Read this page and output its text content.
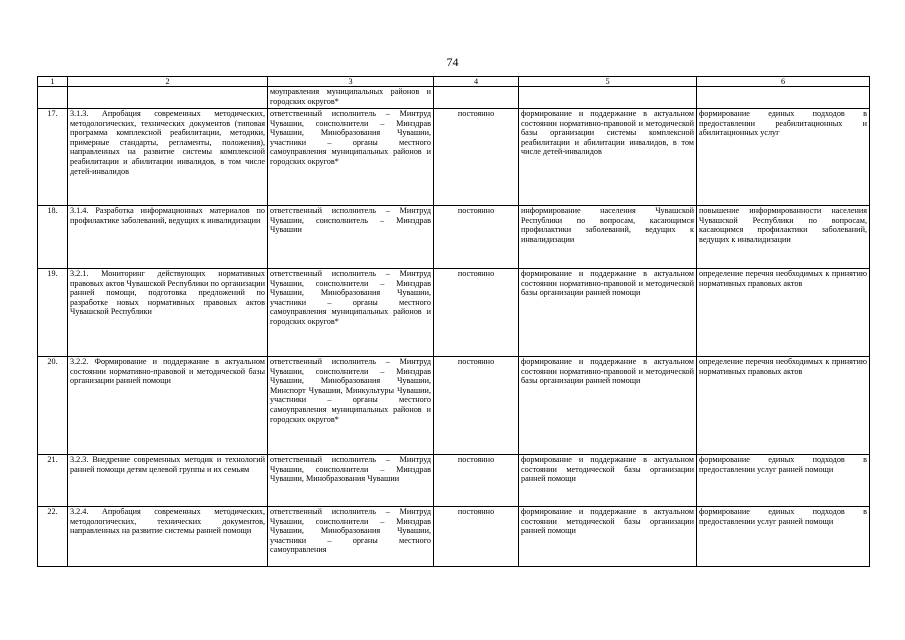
74
1	2	3	4	5	6
		моуправления муниципальных районов и городских округов*			
17.	3.1.3. Апробация современных методических, методологических, технических документов (типовая программа комплексной реабилитации, методики, примерные стандарты, регламенты, положения), направленных на развитие системы комплексной реабилитации и абилитации инвалидов, в том числе детей-инвалидов	ответственный исполнитель – Минтруд Чувашии, соисполнители – Минздрав Чувашии, Минобразования Чувашии, участники – органы местного самоуправления муниципальных районов и городских округов*	постоянно	формирование и поддержание в актуальном состоянии нормативно-правовой и методической базы организации системы комплексной реабилитации и абилитации инвалидов, в том числе детей-инвалидов	формирование единых подходов в предоставлении реабилитационных и абилитационных услуг
18.	3.1.4. Разработка информационных материалов по профилактике заболеваний, ведущих к инвалидизации	ответственный исполнитель – Минтруд Чувашии, соисполнитель – Минздрав Чувашии	постоянно	информирование населения Чувашской Республики по вопросам, касающимся профилактики заболеваний, ведущих к инвалидизации	повышение информированности населения Чувашской Республики по вопросам, касающимся профилактики заболеваний, ведущих к инвалидизации
19.	3.2.1. Мониторинг действующих нормативных правовых актов Чувашской Республики по организации ранней помощи, подготовка предложений по разработке новых нормативных правовых актов Чувашской Республики	ответственный исполнитель – Минтруд Чувашии, соисполнители – Минздрав Чувашии, Минобразования Чувашии, участники – органы местного самоуправления муниципальных районов и городских округов*	постоянно	формирование и поддержание в актуальном состоянии нормативно-правовой и методической базы организации ранней помощи	определение перечня необходимых к принятию нормативных правовых актов
20.	3.2.2. Формирование и поддержание в актуальном состоянии нормативно-правовой и методической базы организации ранней помощи	ответственный исполнитель – Минтруд Чувашии, соисполнители – Минздрав Чувашии, Минобразования Чувашии, Минспорт Чувашии, Минкультуры Чувашии, участники – органы местного самоуправления муниципальных районов и городских округов*	постоянно	формирование и поддержание в актуальном состоянии нормативно-правовой и методической базы организации ранней помощи	определение перечня необходимых к принятию нормативных правовых актов
21.	3.2.3. Внедрение современных методик и технологий ранней помощи детям целевой группы и их семьям	ответственный исполнитель – Минтруд Чувашии, соисполнители – Минздрав Чувашии, Минобразования Чувашии	постоянно	формирование и поддержание в актуальном состоянии методической базы организации ранней помощи	формирование единых подходов в предоставлении услуг ранней помощи
22.	3.2.4. Апробация современных методических, методологических, технических документов, направленных на развитие системы ранней помощи	ответственный исполнитель – Минтруд Чувашии, соисполнители – Минздрав Чувашии, Минобразования Чувашии, участники – органы местного самоуправления	постоянно	формирование и поддержание в актуальном состоянии методической базы организации ранней помощи	формирование единых подходов в предоставлении услуг ранней помощи
